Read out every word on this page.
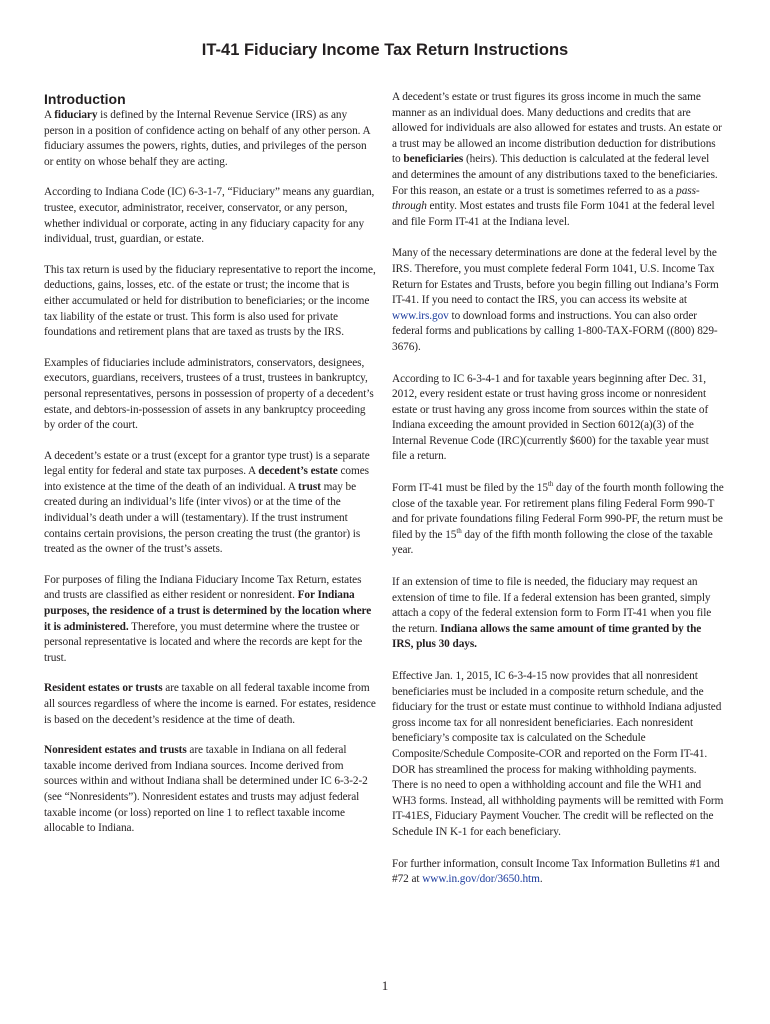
IT-41 Fiduciary Income Tax Return Instructions
Introduction

A fiduciary is defined by the Internal Revenue Service (IRS) as any person in a position of confidence acting on behalf of any other person. A fiduciary assumes the powers, rights, duties, and privileges of the person or entity on whose behalf they are acting.

According to Indiana Code (IC) 6-3-1-7, “Fiduciary” means any guardian, trustee, executor, administrator, receiver, conservator, or any person, whether individual or corporate, acting in any fiduciary capacity for any individual, trust, guardian, or estate.

This tax return is used by the fiduciary representative to report the income, deductions, gains, losses, etc. of the estate or trust; the income that is either accumulated or held for distribution to beneficiaries; or the income tax liability of the estate or trust. This form is also used for private foundations and retirement plans that are taxed as trusts by the IRS.

Examples of fiduciaries include administrators, conservators, designees, executors, guardians, receivers, trustees of a trust, trustees in bankruptcy, personal representatives, persons in possession of property of a decedent’s estate, and debtors-in-possession of assets in any bankruptcy proceeding by order of the court.

A decedent’s estate or a trust (except for a grantor type trust) is a separate legal entity for federal and state tax purposes. A decedent’s estate comes into existence at the time of the death of an individual. A trust may be created during an individual’s life (inter vivos) or at the time of the individual’s death under a will (testamentary). If the trust instrument contains certain provisions, the person creating the trust (the grantor) is treated as the owner of the trust’s assets.

For purposes of filing the Indiana Fiduciary Income Tax Return, estates and trusts are classified as either resident or nonresident. For Indiana purposes, the residence of a trust is determined by the location where it is administered. Therefore, you must determine where the trustee or personal representative is located and where the records are kept for the trust.

Resident estates or trusts are taxable on all federal taxable income from all sources regardless of where the income is earned. For estates, residence is based on the decedent’s residence at the time of death.

Nonresident estates and trusts are taxable in Indiana on all federal taxable income derived from Indiana sources. Income derived from sources within and without Indiana shall be determined under IC 6-3-2-2 (see “Nonresidents”). Nonresident estates and trusts may adjust federal taxable income (or loss) reported on line 1 to reflect taxable income allocable to Indiana.

A decedent’s estate or trust figures its gross income in much the same manner as an individual does. Many deductions and credits that are allowed for individuals are also allowed for estates and trusts. An estate or a trust may be allowed an income distribution deduction for distributions to beneficiaries (heirs). This deduction is calculated at the federal level and determines the amount of any distributions taxed to the beneficiaries. For this reason, an estate or a trust is sometimes referred to as a pass-through entity. Most estates and trusts file Form 1041 at the federal level and file Form IT-41 at the Indiana level.

Many of the necessary determinations are done at the federal level by the IRS. Therefore, you must complete federal Form 1041, U.S. Income Tax Return for Estates and Trusts, before you begin filling out Indiana’s Form IT-41. If you need to contact the IRS, you can access its website at www.irs.gov to download forms and instructions. You can also order federal forms and publications by calling 1-800-TAX-FORM ((800) 829-3676).

According to IC 6-3-4-1 and for taxable years beginning after Dec. 31, 2012, every resident estate or trust having gross income or nonresident estate or trust having any gross income from sources within the state of Indiana exceeding the amount provided in Section 6012(a)(3) of the Internal Revenue Code (IRC)(currently $600) for the taxable year must file a return.

Form IT-41 must be filed by the 15th day of the fourth month following the close of the taxable year. For retirement plans filing Federal Form 990-T and for private foundations filing Federal Form 990-PF, the return must be filed by the 15th day of the fifth month following the close of the taxable year.

If an extension of time to file is needed, the fiduciary may request an extension of time to file. If a federal extension has been granted, simply attach a copy of the federal extension form to Form IT-41 when you file the return. Indiana allows the same amount of time granted by the IRS, plus 30 days.

Effective Jan. 1, 2015, IC 6-3-4-15 now provides that all nonresident beneficiaries must be included in a composite return schedule, and the fiduciary for the trust or estate must continue to withhold Indiana adjusted gross income tax for all nonresident beneficiaries. Each nonresident beneficiary’s composite tax is calculated on the Schedule Composite/Schedule Composite-COR and reported on the Form IT-41. DOR has streamlined the process for making withholding payments. There is no need to open a withholding account and file the WH1 and WH3 forms. Instead, all withholding payments will be remitted with Form IT-41ES, Fiduciary Payment Voucher. The credit will be reflected on the Schedule IN K-1 for each beneficiary.

For further information, consult Income Tax Information Bulletins #1 and #72 at www.in.gov/dor/3650.htm.

1
